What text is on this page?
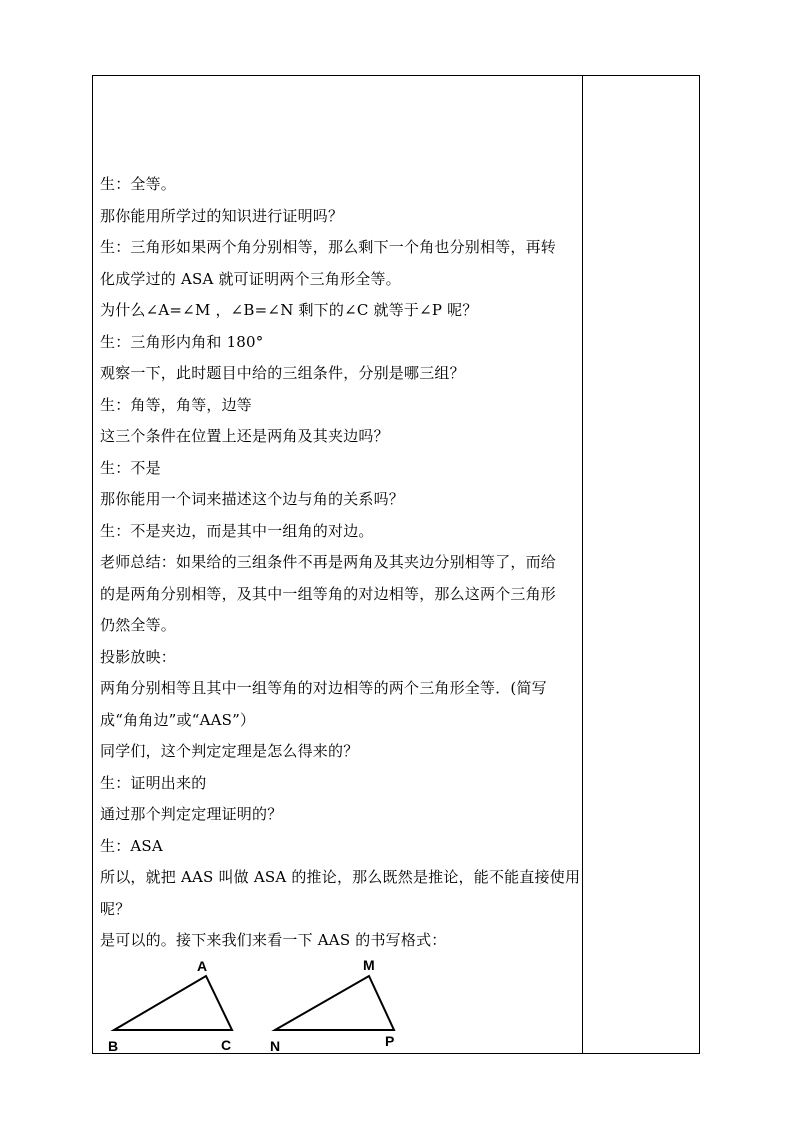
生：全等。
那你能用所学过的知识进行证明吗？
生：三角形如果两个角分别相等，那么剩下一个角也分别相等，再转
化成学过的 ASA 就可证明两个三角形全等。
为什么∠A=∠M ，∠B=∠N 剩下的∠C 就等于∠P 呢？
生：三角形内角和 180°
观察一下，此时题目中给的三组条件，分别是哪三组？
生：角等，角等，边等
这三个条件在位置上还是两角及其夹边吗？
生：不是
那你能用一个词来描述这个边与角的关系吗？
生：不是夹边，而是其中一组角的对边。
老师总结：如果给的三组条件不再是两角及其夹边分别相等了，而给
的是两角分别相等，及其中一组等角的对边相等，那么这两个三角形
仍然全等。
投影放映：
两角分别相等且其中一组等角的对边相等的两个三角形全等．(简写
成“角角边”或“AAS”）
同学们，这个判定定理是怎么得来的？
生：证明出来的
通过那个判定定理证明的？
生：ASA
所以，就把 AAS 叫做 ASA 的推论，那么既然是推论，能不能直接使用
呢？
是可以的。接下来我们来看一下 AAS 的书写格式：
A
B	C
M
N	P
